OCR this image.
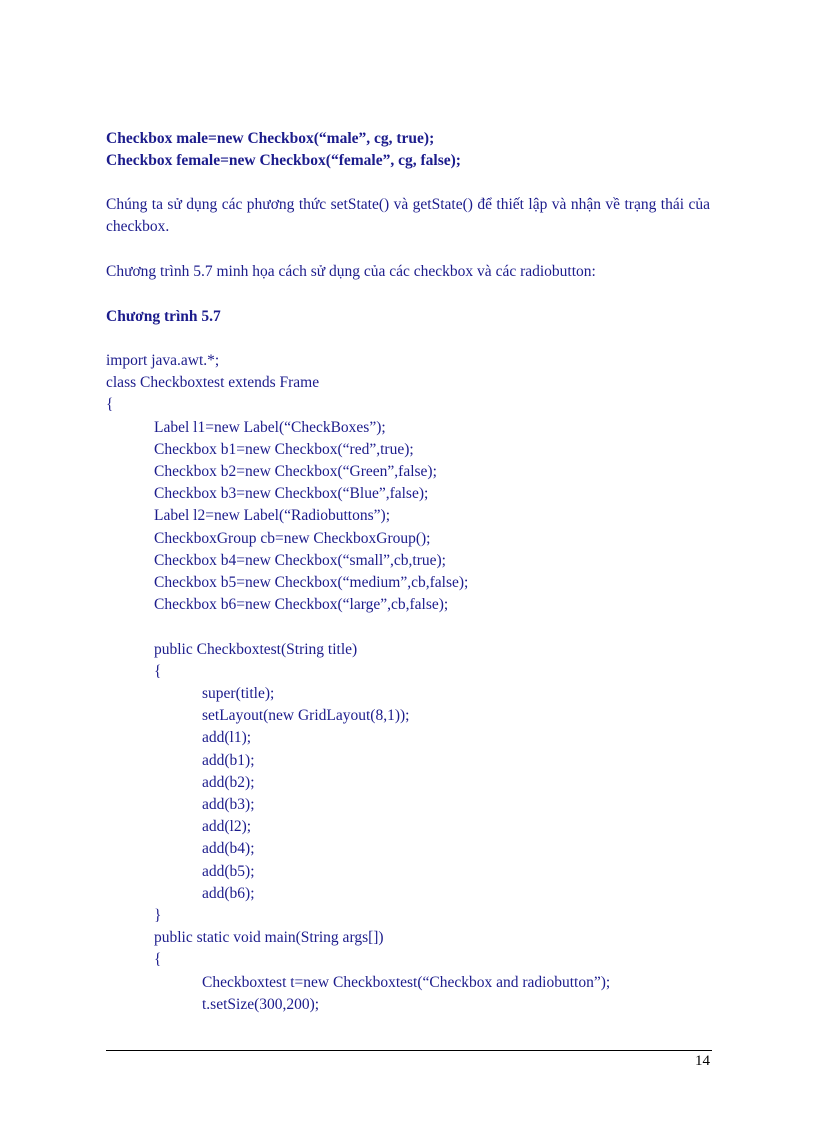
Checkbox male=new Checkbox(“male”, cg, true);
Checkbox female=new Checkbox(“female”, cg, false);
Chúng ta sử dụng các phương thức setState() và getState() để thiết lập và nhận về trạng thái của checkbox.
Chương trình 5.7 minh họa cách sử dụng của các checkbox và các radiobutton:
Chương trình 5.7
import java.awt.*;
class Checkboxtest extends Frame
{
Label l1=new Label(“CheckBoxes”);
Checkbox b1=new Checkbox(“red”,true);
Checkbox b2=new Checkbox(“Green”,false);
Checkbox b3=new Checkbox(“Blue”,false);
Label l2=new Label(“Radiobuttons”);
CheckboxGroup cb=new CheckboxGroup();
Checkbox b4=new Checkbox(“small”,cb,true);
Checkbox b5=new Checkbox(“medium”,cb,false);
Checkbox b6=new Checkbox(“large”,cb,false);
public Checkboxtest(String title)
{
super(title);
setLayout(new GridLayout(8,1));
add(l1);
add(b1);
add(b2);
add(b3);
add(l2);
add(b4);
add(b5);
add(b6);
}
public static void main(String args[])
{
Checkboxtest t=new Checkboxtest(“Checkbox and radiobutton”);
t.setSize(300,200);
14
